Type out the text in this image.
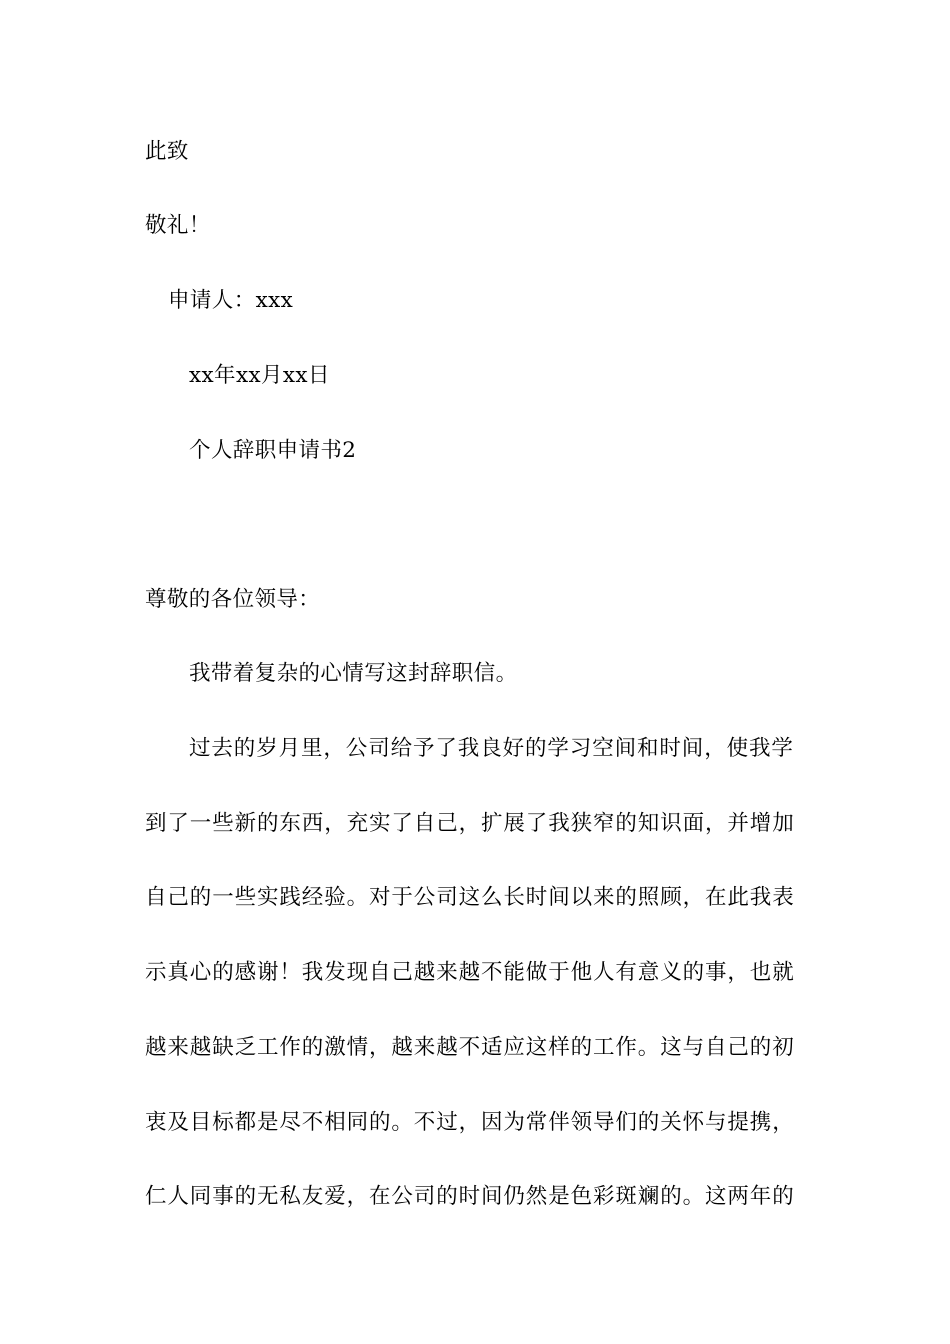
此致
敬礼！
申请人：xxx
xx年xx月xx日
个人辞职申请书2
尊敬的各位领导：
我带着复杂的心情写这封辞职信。
过去的岁月里，公司给予了我良好的学习空间和时间，使我学
到了一些新的东西，充实了自己，扩展了我狭窄的知识面，并增加
自己的一些实践经验。对于公司这么长时间以来的照顾，在此我表
示真心的感谢！我发现自己越来越不能做于他人有意义的事，也就
越来越缺乏工作的激情，越来越不适应这样的工作。这与自己的初
衷及目标都是尽不相同的。不过，因为常伴领导们的关怀与提携，
仁人同事的无私友爱，在公司的时间仍然是色彩斑斓的。这两年的
